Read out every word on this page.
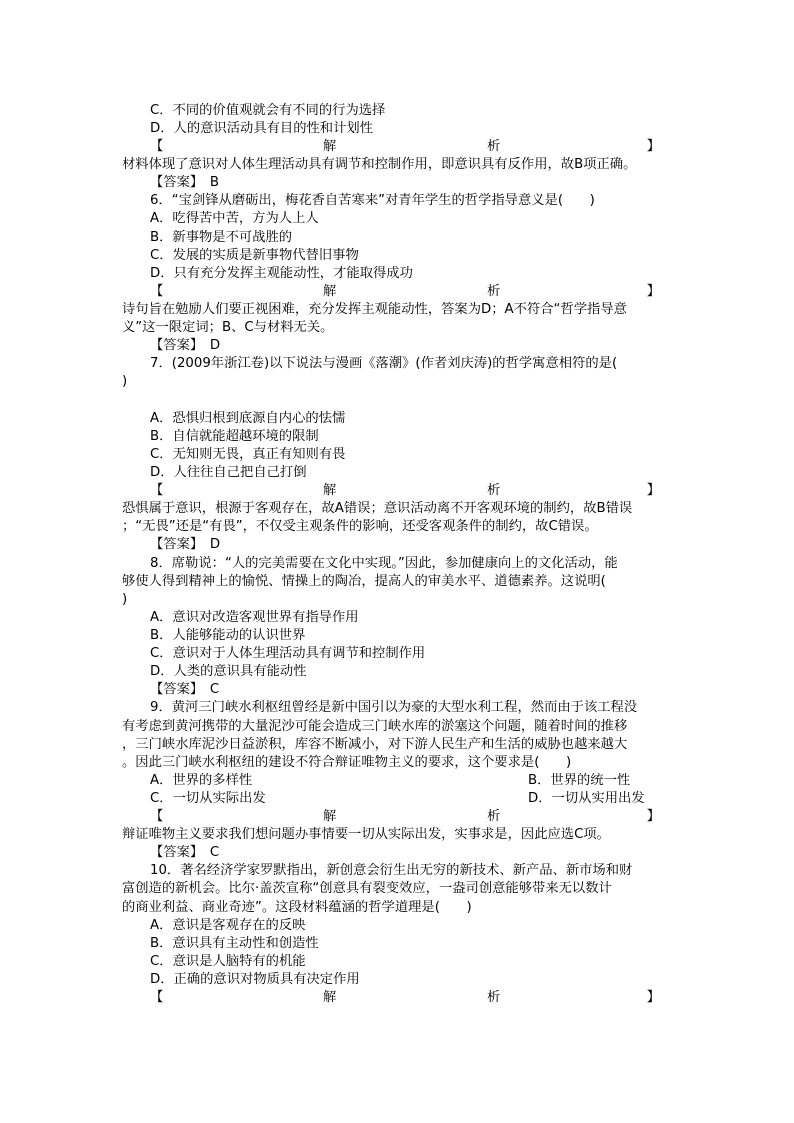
C．不同的价值观就会有不同的行为选择
D．人的意识活动具有目的性和计划性
【	解	析	】
材料体现了意识对人体生理活动具有调节和控制作用，即意识具有反作用，故B项正确。
【答案】　B
6．“宝剑锋从磨砺出，梅花香自苦寒来”对青年学生的哲学指导意义是(　　)
A．吃得苦中苦，方为人上人
B．新事物是不可战胜的
C．发展的实质是新事物代替旧事物
D．只有充分发挥主观能动性，才能取得成功
【	解	析	】
诗句旨在勉励人们要正视困难，充分发挥主观能动性，答案为D；A不符合“哲学指导意
义”这一限定词；B、C与材料无关。
【答案】　D
7．(2009年浙江卷)以下说法与漫画《落潮》(作者刘庆涛)的哲学寓意相符的是(
)
A．恐惧归根到底源自内心的怯懦
B．自信就能超越环境的限制
C．无知则无畏，真正有知则有畏
D．人往往自己把自己打倒
【	解	析	】
恐惧属于意识，根源于客观存在，故A错误；意识活动离不开客观环境的制约，故B错误
；“无畏”还是“有畏”，不仅受主观条件的影响，还受客观条件的制约，故C错误。
【答案】　D
8．席勒说：“人的完美需要在文化中实现。”因此，参加健康向上的文化活动，能
够使人得到精神上的愉悦、情操上的陶冶，提高人的审美水平、道德素养。这说明(
)
A．意识对改造客观世界有指导作用
B．人能够能动的认识世界
C．意识对于人体生理活动具有调节和控制作用
D．人类的意识具有能动性
【答案】　C
9．黄河三门峡水利枢纽曾经是新中国引以为豪的大型水利工程，然而由于该工程没
有考虑到黄河携带的大量泥沙可能会造成三门峡水库的淤塞这个问题，随着时间的推移
，三门峡水库泥沙日益淤积，库容不断减小，对下游人民生产和生活的威胁也越来越大
。因此三门峡水利枢纽的建设不符合辩证唯物主义的要求，这个要求是(　　)
A．世界的多样性	B．世界的统一性
C．一切从实际出发	D．一切从实用出发
【	解	析	】
辩证唯物主义要求我们想问题办事情要一切从实际出发，实事求是，因此应选C项。
【答案】　C
10．著名经济学家罗默指出，新创意会衍生出无穷的新技术、新产品、新市场和财
富创造的新机会。比尔·盖茨宣称“创意具有裂变效应，一盎司创意能够带来无以数计
的商业利益、商业奇迹”。这段材料蕴涵的哲学道理是(　　)
A．意识是客观存在的反映
B．意识具有主动性和创造性
C．意识是人脑特有的机能
D．正确的意识对物质具有决定作用
【	解	析	】
